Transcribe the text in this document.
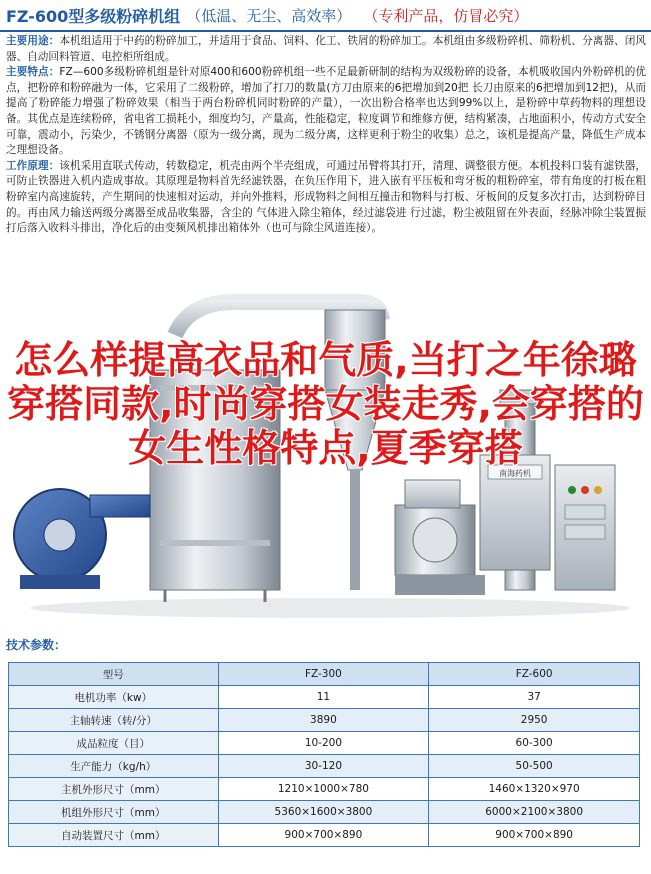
FZ-600型多级粉碎机组 （低温、无尘、高效率） （专利产品，仿冒必究）

主要用途：本机组适用于中药的粉碎加工，并适用于食品、饲料、化工、铁屑的粉碎加工。本机组由多级粉碎机、筛粉机、分离器、闭风器、自动回料管道、电控柜所组成。

主要特点：FZ—600多级粉碎机组是针对原400和600粉碎机组一些不足最新研制的结构为双级粉碎的设备，本机吸收国内外粉碎机的优点，把粉碎和粉碎融为一体，它采用了二级粉碎，增加了打刀的数量(方刀由原来的6把增加到20把 长刀由原来的6把增加到12把)，从而提高了粉碎能力增强了粉碎效果（相当于两台粉碎机同时粉碎的产量），一次出粉合格率也达到99%以上，是粉碎中草药物料的理想设备。其优点是连续粉碎，省电省工损耗小，细度均匀，产量高，性能稳定，粒度调节和维修方便，结构紧凑，占地面积小，传动方式安全可靠，震动小，污染少，不锈钢分离器（原为一级分离，现为二级分离，这样更利于粉尘的收集）总之，该机是提高产量，降低生产成本之理想设备。

工作原理：该机采用直联式传动，转数稳定，机壳由两个半壳组成，可通过吊臂将其打开，清理、调整很方便。本机投料口装有滤铁器，可防止铁器进入机内造成事故。其原理是物料首先经滤铁器，在负压作用下，进入嵌有平压板和弯牙板的粗粉碎室，带有角度的打板在粗粉碎室内高速旋转，产生期间的快速相对运动，并向外推料，形成物料之间相互撞击和物料与打板、牙板间的反复多次打击，达到粉碎目的。再由风力输送两级分离器至成品收集器，含尘的 气体进入除尘箱体，经过滤袋进 行过滤，粉尘被阻留在外表面，经脉冲除尘装置振打后落入收料斗排出，净化后的由变频风机排出箱体外（也可与除尘风道连接）。

南海药机
怎么样提高衣品和气质,当打之年徐璐穿搭同款,时尚穿搭女装走秀,会穿搭的女生性格特点,夏季穿搭
技术参数：
型号	FZ-300	FZ-600
电机功率（kw）	11	37
主轴转速（转/分）	3890	2950
成品粒度（目）	10-200	60-300
生产能力（kg/h）	30-120	50-500
主机外形尺寸（mm）	1210×1000×780	1460×1320×970
机组外形尺寸（mm）	5360×1600×3800	6000×2100×3800
自动装置尺寸（mm）	900×700×890	900×700×890
